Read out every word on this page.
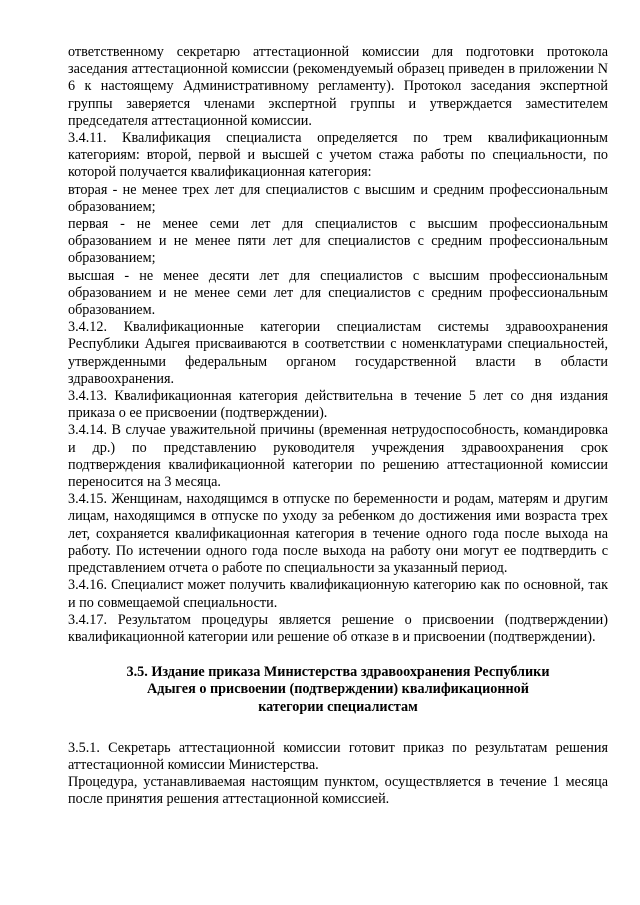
ответственному секретарю аттестационной комиссии для подготовки протокола заседания аттестационной комиссии (рекомендуемый образец приведен в приложении N 6 к настоящему Административному регламенту). Протокол заседания экспертной группы заверяется членами экспертной группы и утверждается заместителем председателя аттестационной комиссии.

3.4.11. Квалификация специалиста определяется по трем квалификационным категориям: второй, первой и высшей с учетом стажа работы по специальности, по которой получается квалификационная категория:

вторая - не менее трех лет для специалистов с высшим и средним профессиональным образованием;

первая - не менее семи лет для специалистов с высшим профессиональным образованием и не менее пяти лет для специалистов с средним профессиональным образованием;

высшая - не менее десяти лет для специалистов с высшим профессиональным образованием и не менее семи лет для специалистов с средним профессиональным образованием.

3.4.12. Квалификационные категории специалистам системы здравоохранения Республики Адыгея присваиваются в соответствии с номенклатурами специальностей, утвержденными федеральным органом государственной власти в области здравоохранения.

3.4.13. Квалификационная категория действительна в течение 5 лет со дня издания приказа о ее присвоении (подтверждении).

3.4.14. В случае уважительной причины (временная нетрудоспособность, командировка и др.) по представлению руководителя учреждения здравоохранения срок подтверждения квалификационной категории по решению аттестационной комиссии переносится на 3 месяца.

3.4.15. Женщинам, находящимся в отпуске по беременности и родам, матерям и другим лицам, находящимся в отпуске по уходу за ребенком до достижения ими возраста трех лет, сохраняется квалификационная категория в течение одного года после выхода на работу. По истечении одного года после выхода на работу они могут ее подтвердить с представлением отчета о работе по специальности за указанный период.

3.4.16. Специалист может получить квалификационную категорию как по основной, так и по совмещаемой специальности.

3.4.17. Результатом процедуры является решение о присвоении (подтверждении) квалификационной категории или решение об отказе в и присвоении (подтверждении).

3.5. Издание приказа Министерства здравоохранения Республики
Адыгея о присвоении (подтверждении) квалификационной
категории специалистам

3.5.1. Секретарь аттестационной комиссии готовит приказ по результатам решения аттестационной комиссии Министерства.

Процедура, устанавливаемая настоящим пунктом, осуществляется в течение 1 месяца после принятия решения аттестационной комиссией.
